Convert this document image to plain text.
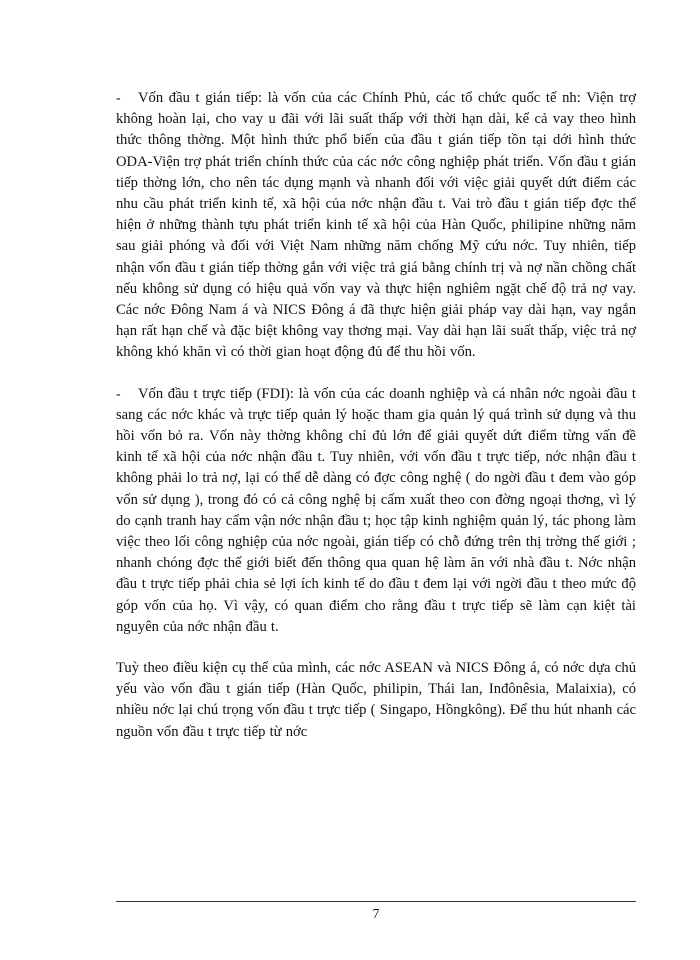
- Vốn đầu t gián tiếp: là vốn của các Chính Phủ, các tổ chức quốc tế nh: Viện trợ không hoàn lại, cho vay u đãi với lãi suất thấp với thời hạn dài, kể cả vay theo hình thức thông thờng. Một hình thức phổ biến của đầu t gián tiếp tồn tại dới hình thức ODA-Viện trợ phát triển chính thức của các nớc công nghiệp phát triển. Vốn đầu t gián tiếp thờng lớn, cho nên tác dụng mạnh và nhanh đối với việc giải quyết dứt điểm các nhu cầu phát triển kinh tế, xã hội của nớc nhận đầu t. Vai trò đầu t gián tiếp đợc thể hiện ở những thành tựu phát triển kinh tế xã hội của Hàn Quốc, philipine những năm sau giải phóng và đối với Việt Nam những năm chống Mỹ cứu nớc. Tuy nhiên, tiếp nhận vốn đầu t gián tiếp thờng gắn với việc trả giá bằng chính trị và nợ nần chồng chất nếu không sử dụng có hiệu quả vốn vay và thực hiện nghiêm ngặt chế độ trả nợ vay. Các nớc Đông Nam á và NICS Đông á đã thực hiện giải pháp vay dài hạn, vay ngắn hạn rất hạn chế và đặc biệt không vay thơng mại. Vay dài hạn lãi suất thấp, việc trả nợ không khó khăn vì có thời gian hoạt động đủ để thu hồi vốn.

- Vốn đầu t trực tiếp (FDI): là vốn của các doanh nghiệp và cá nhân nớc ngoài đầu t sang các nớc khác và trực tiếp quản lý hoặc tham gia quản lý quá trình sử dụng và thu hồi vốn bỏ ra. Vốn này thờng không chỉ đủ lớn để giải quyết dứt điểm từng vấn đề kinh tế xã hội của nớc nhận đầu t. Tuy nhiên, với vốn đầu t trực tiếp, nớc nhận đầu t không phải lo trả nợ, lại có thể dễ dàng có đợc công nghệ ( do ngời đầu t đem vào góp vốn sử dụng ), trong đó có cả công nghệ bị cấm xuất theo con đờng ngoại thơng, vì lý do cạnh tranh hay cấm vận nớc nhận đầu t; học tập kinh nghiệm quản lý, tác phong làm việc theo lối công nghiệp của nớc ngoài, gián tiếp có chỗ đứng trên thị trờng thế giới ; nhanh chóng đợc thế giới biết đến thông qua quan hệ làm ăn với nhà đầu t. Nớc nhận đầu t trực tiếp phải chia sẻ lợi ích kinh tế do đầu t đem lại với ngời đầu t theo mức độ góp vốn của họ. Vì vậy, có quan điểm cho rằng đầu t trực tiếp sẽ làm cạn kiệt tài nguyên của nớc nhận đầu t.

Tuỳ theo điều kiện cụ thể của mình, các nớc ASEAN và NICS Đông á, có nớc dựa chủ yếu vào vốn đầu t gián tiếp (Hàn Quốc, philipin, Thái lan, Inđônêsia, Malaixia), có nhiều nớc lại chú trọng vốn đầu t trực tiếp ( Singapo, Hồngkông). Để thu hút nhanh các nguồn vốn đầu t trực tiếp từ nớc

7
